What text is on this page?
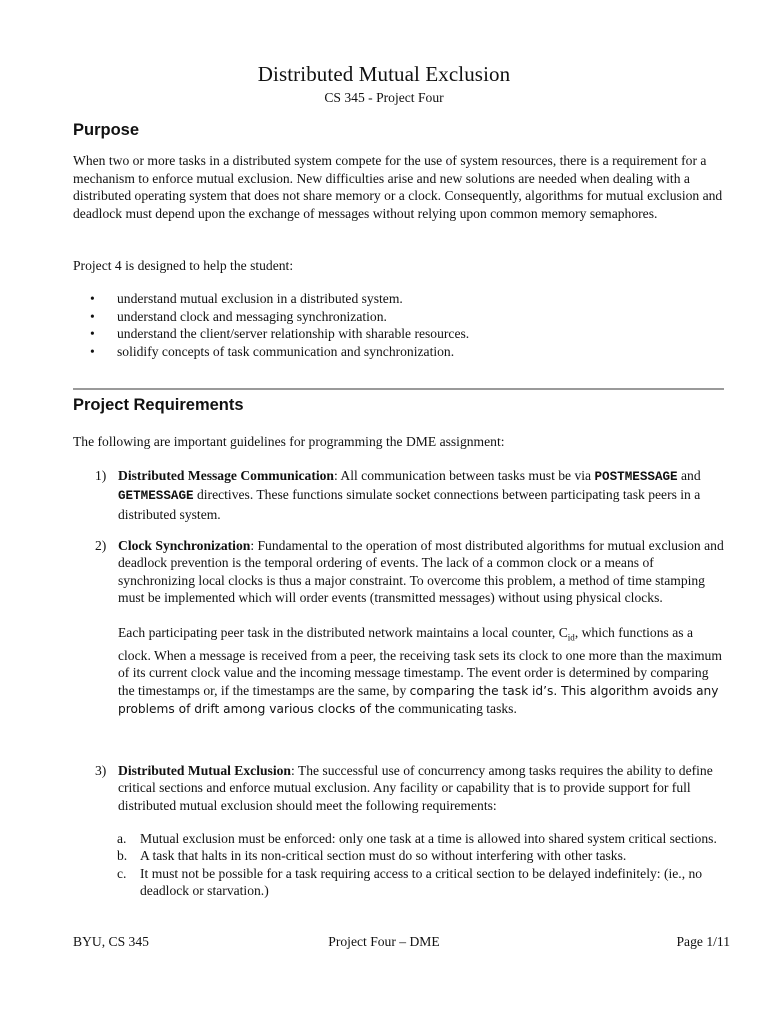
Distributed Mutual Exclusion
CS 345 - Project Four
Purpose
When two or more tasks in a distributed system compete for the use of system resources, there is a requirement for a mechanism to enforce mutual exclusion. New difficulties arise and new solutions are needed when dealing with a distributed operating system that does not share memory or a clock. Consequently, algorithms for mutual exclusion and deadlock must depend upon the exchange of messages without relying upon common memory semaphores.
Project 4 is designed to help the student:
• understand mutual exclusion in a distributed system.
• understand clock and messaging synchronization.
• understand the client/server relationship with sharable resources.
• solidify concepts of task communication and synchronization.
Project Requirements
The following are important guidelines for programming the DME assignment:
1) Distributed Message Communication: All communication between tasks must be via POSTMESSAGE and GETMESSAGE directives. These functions simulate socket connections between participating task peers in a distributed system.
2) Clock Synchronization: Fundamental to the operation of most distributed algorithms for mutual exclusion and deadlock prevention is the temporal ordering of events. The lack of a common clock or a means of synchronizing local clocks is thus a major constraint. To overcome this problem, a method of time stamping must be implemented which will order events (transmitted messages) without using physical clocks.
Each participating peer task in the distributed network maintains a local counter, $C_{id}$, which functions as a clock. When a message is received from a peer, the receiving task sets its clock to one more than the maximum of its current clock value and the incoming message timestamp. The event order is determined by comparing the timestamps or, if the timestamps are the same, by comparing the task id’s. This algorithm avoids any problems of drift among various clocks of the communicating tasks.
3) Distributed Mutual Exclusion: The successful use of concurrency among tasks requires the ability to define critical sections and enforce mutual exclusion. Any facility or capability that is to provide support for full distributed mutual exclusion should meet the following requirements:
a. Mutual exclusion must be enforced: only one task at a time is allowed into shared system critical sections.
b. A task that halts in its non-critical section must do so without interfering with other tasks.
c. It must not be possible for a task requiring access to a critical section to be delayed indefinitely: (ie., no deadlock or starvation.)
BYU, CS 345	Project Four – DME	Page 1/11
